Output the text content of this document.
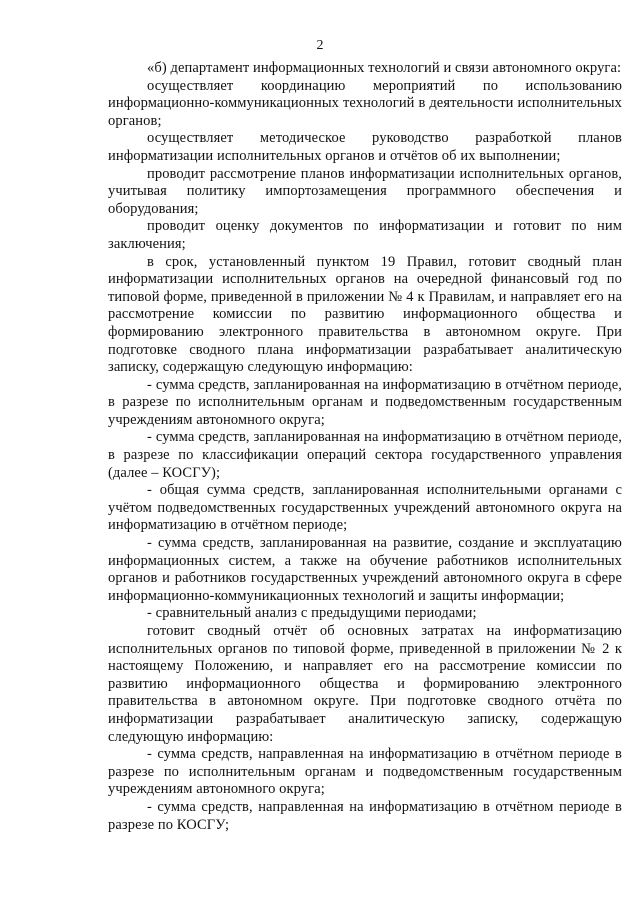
2

«б) департамент информационных технологий и связи автономного округа:

осуществляет координацию мероприятий по использованию информационно-коммуникационных технологий в деятельности исполнительных органов;

осуществляет методическое руководство разработкой планов информатизации исполнительных органов и отчётов об их выполнении;

проводит рассмотрение планов информатизации исполнительных органов, учитывая политику импортозамещения программного обеспечения и оборудования;

проводит оценку документов по информатизации и готовит по ним заключения;

в срок, установленный пунктом 19 Правил, готовит сводный план информатизации исполнительных органов на очередной финансовый год по типовой форме, приведенной в приложении № 4 к Правилам, и направляет его на рассмотрение комиссии по развитию информационного общества и формированию электронного правительства в автономном округе. При подготовке сводного плана информатизации разрабатывает аналитическую записку, содержащую следующую информацию:

- сумма средств, запланированная на информатизацию в отчётном периоде, в разрезе по исполнительным органам и подведомственным государственным учреждениям автономного округа;

- сумма средств, запланированная на информатизацию в отчётном периоде, в разрезе по классификации операций сектора государственного управления (далее – КОСГУ);

- общая сумма средств, запланированная исполнительными органами с учётом подведомственных государственных учреждений автономного округа на информатизацию в отчётном периоде;

- сумма средств, запланированная на развитие, создание и эксплуатацию информационных систем, а также на обучение работников исполнительных органов и работников государственных учреждений автономного округа в сфере информационно-коммуникационных технологий и защиты информации;

- сравнительный анализ с предыдущими периодами;

готовит сводный отчёт об основных затратах на информатизацию исполнительных органов по типовой форме, приведенной в приложении № 2 к настоящему Положению, и направляет его на рассмотрение комиссии по развитию информационного общества и формированию электронного правительства в автономном округе. При подготовке сводного отчёта по информатизации разрабатывает аналитическую записку, содержащую следующую информацию:

- сумма средств, направленная на информатизацию в отчётном периоде в разрезе по исполнительным органам и подведомственным государственным учреждениям автономного округа;

- сумма средств, направленная на информатизацию в отчётном периоде в разрезе по КОСГУ;
